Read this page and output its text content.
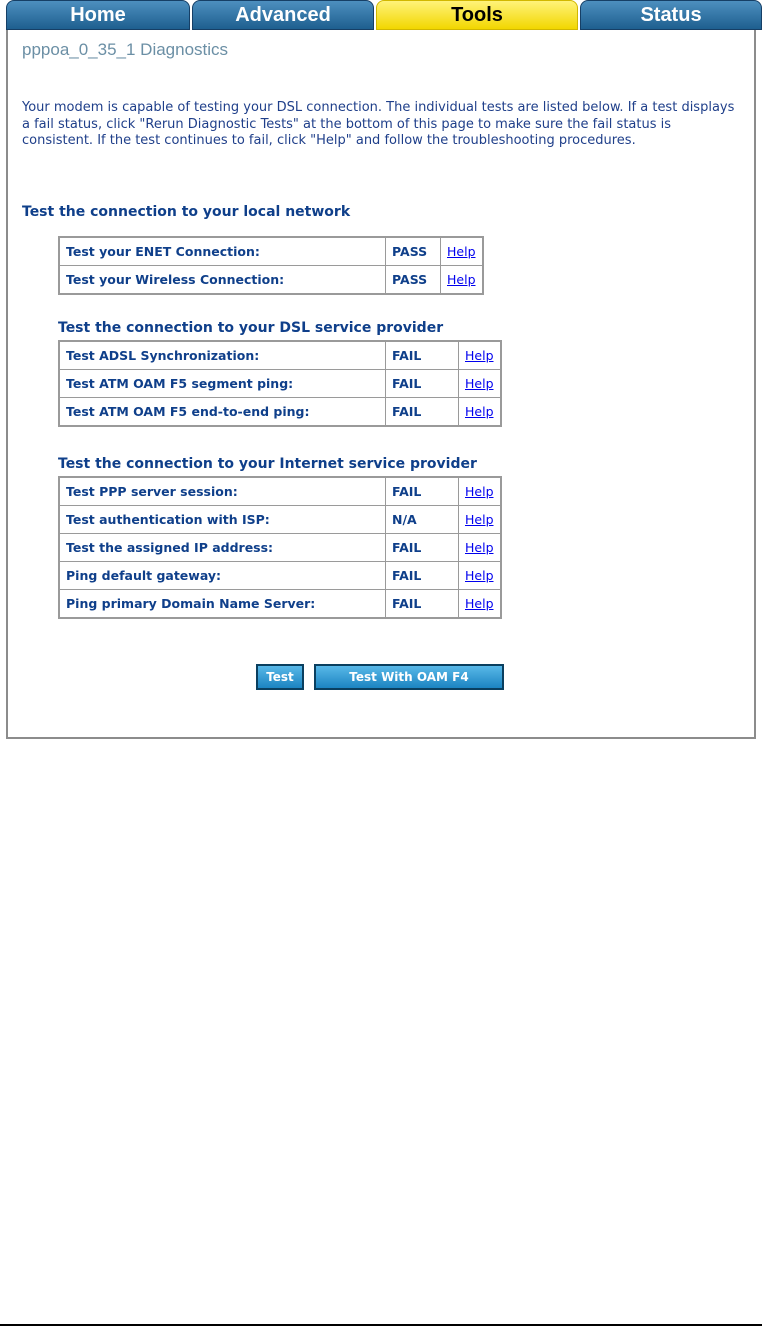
Home	Advanced	Tools	Status
pppoa_0_35_1 Diagnostics
Your modem is capable of testing your DSL connection. The individual tests are listed below. If a test displays a fail status, click "Rerun Diagnostic Tests" at the bottom of this page to make sure the fail status is consistent. If the test continues to fail, click "Help" and follow the troubleshooting procedures.
Test the connection to your local network
Test your ENET Connection:	PASS	Help
Test your Wireless Connection:	PASS	Help
Test the connection to your DSL service provider
Test ADSL Synchronization:	FAIL	Help
Test ATM OAM F5 segment ping:	FAIL	Help
Test ATM OAM F5 end-to-end ping:	FAIL	Help
Test the connection to your Internet service provider
Test PPP server session:	FAIL	Help
Test authentication with ISP:	N/A	Help
Test the assigned IP address:	FAIL	Help
Ping default gateway:	FAIL	Help
Ping primary Domain Name Server:	FAIL	Help
Test	Test With OAM F4
